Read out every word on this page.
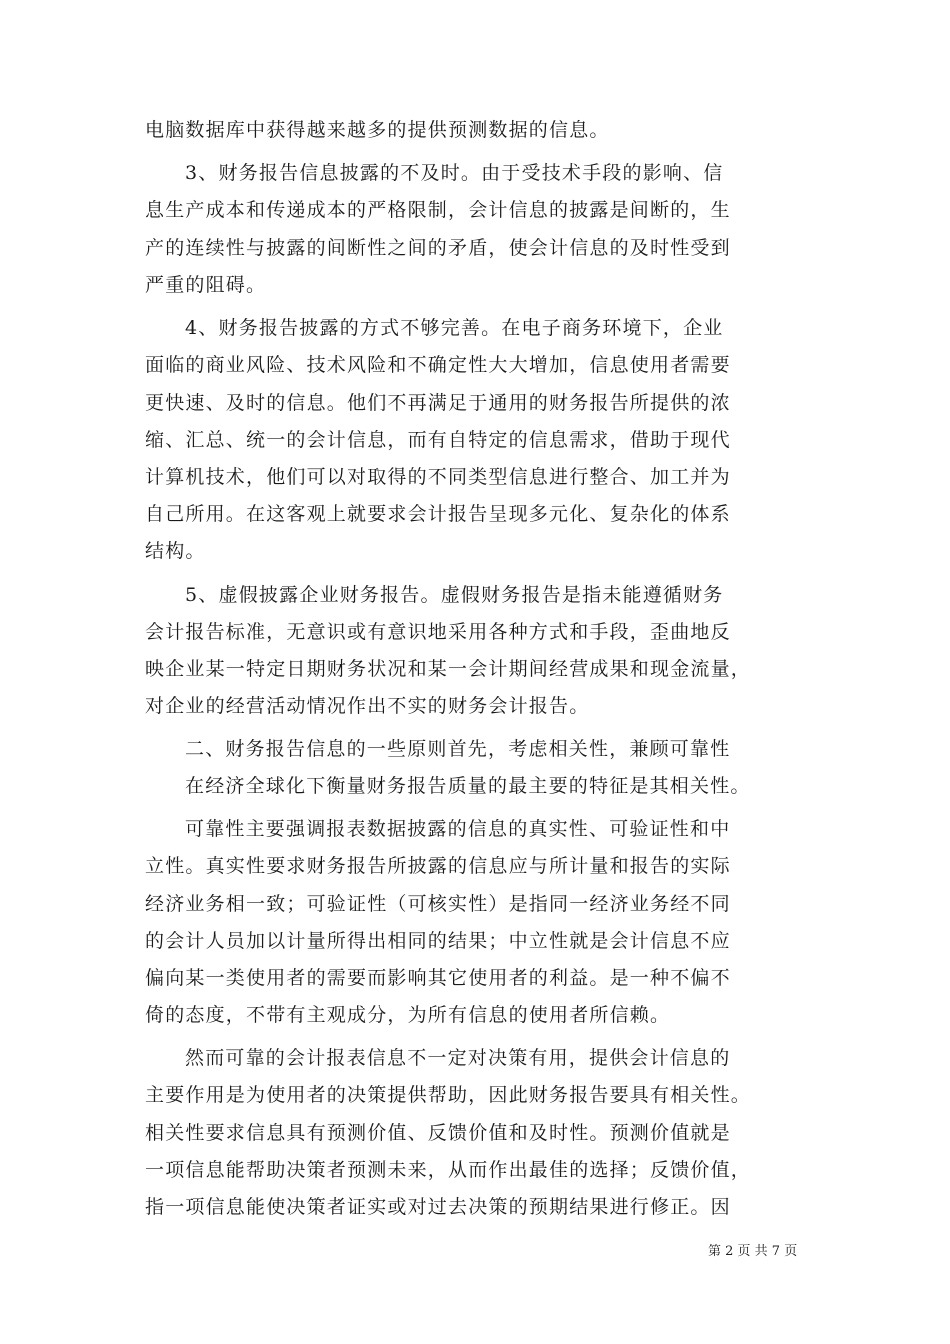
电脑数据库中获得越来越多的提供预测数据的信息。
3、财务报告信息披露的不及时。由于受技术手段的影响、信
息生产成本和传递成本的严格限制，会计信息的披露是间断的，生
产的连续性与披露的间断性之间的矛盾，使会计信息的及时性受到
严重的阻碍。
4、财务报告披露的方式不够完善。在电子商务环境下，企业
面临的商业风险、技术风险和不确定性大大增加，信息使用者需要
更快速、及时的信息。他们不再满足于通用的财务报告所提供的浓
缩、汇总、统一的会计信息，而有自特定的信息需求，借助于现代
计算机技术，他们可以对取得的不同类型信息进行整合、加工并为
自己所用。在这客观上就要求会计报告呈现多元化、复杂化的体系
结构。
5、虚假披露企业财务报告。虚假财务报告是指未能遵循财务
会计报告标准，无意识或有意识地采用各种方式和手段，歪曲地反
映企业某一特定日期财务状况和某一会计期间经营成果和现金流量，
对企业的经营活动情况作出不实的财务会计报告。
二、财务报告信息的一些原则首先，考虑相关性，兼顾可靠性
在经济全球化下衡量财务报告质量的最主要的特征是其相关性。
可靠性主要强调报表数据披露的信息的真实性、可验证性和中
立性。真实性要求财务报告所披露的信息应与所计量和报告的实际
经济业务相一致；可验证性（可核实性）是指同一经济业务经不同
的会计人员加以计量所得出相同的结果；中立性就是会计信息不应
偏向某一类使用者的需要而影响其它使用者的利益。是一种不偏不
倚的态度，不带有主观成分，为所有信息的使用者所信赖。
然而可靠的会计报表信息不一定对决策有用，提供会计信息的
主要作用是为使用者的决策提供帮助，因此财务报告要具有相关性。
相关性要求信息具有预测价值、反馈价值和及时性。预测价值就是
一项信息能帮助决策者预测未来，从而作出最佳的选择；反馈价值，
指一项信息能使决策者证实或对过去决策的预期结果进行修正。因
第 2 页 共 7 页
